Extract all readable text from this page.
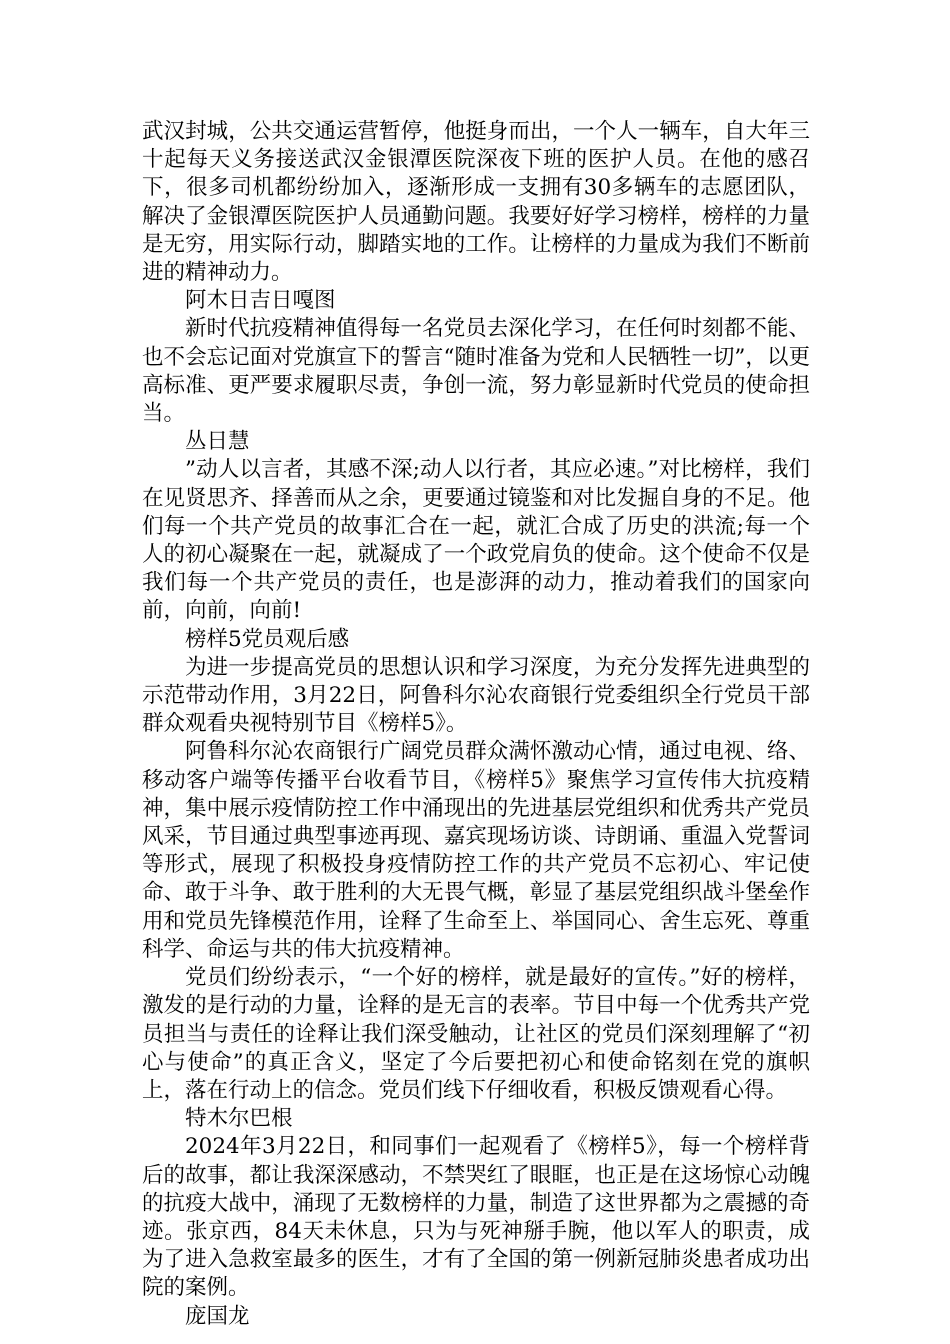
武汉封城，公共交通运营暂停，他挺身而出，一个人一辆车，自大年三十起每天义务接送武汉金银潭医院深夜下班的医护人员。在他的感召下，很多司机都纷纷加入，逐渐形成一支拥有30多辆车的志愿团队，解决了金银潭医院医护人员通勤问题。我要好好学习榜样，榜样的力量是无穷，用实际行动，脚踏实地的工作。让榜样的力量成为我们不断前进的精神动力。

阿木日吉日嘎图

新时代抗疫精神值得每一名党员去深化学习，在任何时刻都不能、也不会忘记面对党旗宣下的誓言“随时准备为党和人民牺牲一切”，以更高标准、更严要求履职尽责，争创一流，努力彰显新时代党员的使命担当。

丛日慧

”动人以言者，其感不深;动人以行者，其应必速。”对比榜样，我们在见贤思齐、择善而从之余，更要通过镜鉴和对比发掘自身的不足。他们每一个共产党员的故事汇合在一起，就汇合成了历史的洪流;每一个人的初心凝聚在一起，就凝成了一个政党肩负的使命。这个使命不仅是我们每一个共产党员的责任，也是澎湃的动力，推动着我们的国家向前，向前，向前!

榜样5党员观后感

为进一步提高党员的思想认识和学习深度，为充分发挥先进典型的示范带动作用，3月22日，阿鲁科尔沁农商银行党委组织全行党员干部群众观看央视特别节目《榜样5》。

阿鲁科尔沁农商银行广阔党员群众满怀激动心情，通过电视、络、移动客户端等传播平台收看节目，《榜样5》聚焦学习宣传伟大抗疫精神，集中展示疫情防控工作中涌现出的先进基层党组织和优秀共产党员风采，节目通过典型事迹再现、嘉宾现场访谈、诗朗诵、重温入党誓词等形式，展现了积极投身疫情防控工作的共产党员不忘初心、牢记使命、敢于斗争、敢于胜利的大无畏气概，彰显了基层党组织战斗堡垒作用和党员先锋模范作用，诠释了生命至上、举国同心、舍生忘死、尊重科学、命运与共的伟大抗疫精神。

党员们纷纷表示，“一个好的榜样，就是最好的宣传。”好的榜样，激发的是行动的力量，诠释的是无言的表率。节目中每一个优秀共产党员担当与责任的诠释让我们深受触动，让社区的党员们深刻理解了“初心与使命”的真正含义，坚定了今后要把初心和使命铭刻在党的旗帜上，落在行动上的信念。党员们线下仔细收看，积极反馈观看心得。

特木尔巴根

2024年3月22日，和同事们一起观看了《榜样5》，每一个榜样背后的故事，都让我深深感动，不禁哭红了眼眶，也正是在这场惊心动魄的抗疫大战中，涌现了无数榜样的力量，制造了这世界都为之震撼的奇迹。张京西，84天未休息，只为与死神掰手腕，他以军人的职责，成为了进入急救室最多的医生，才有了全国的第一例新冠肺炎患者成功出院的案例。

庞国龙
